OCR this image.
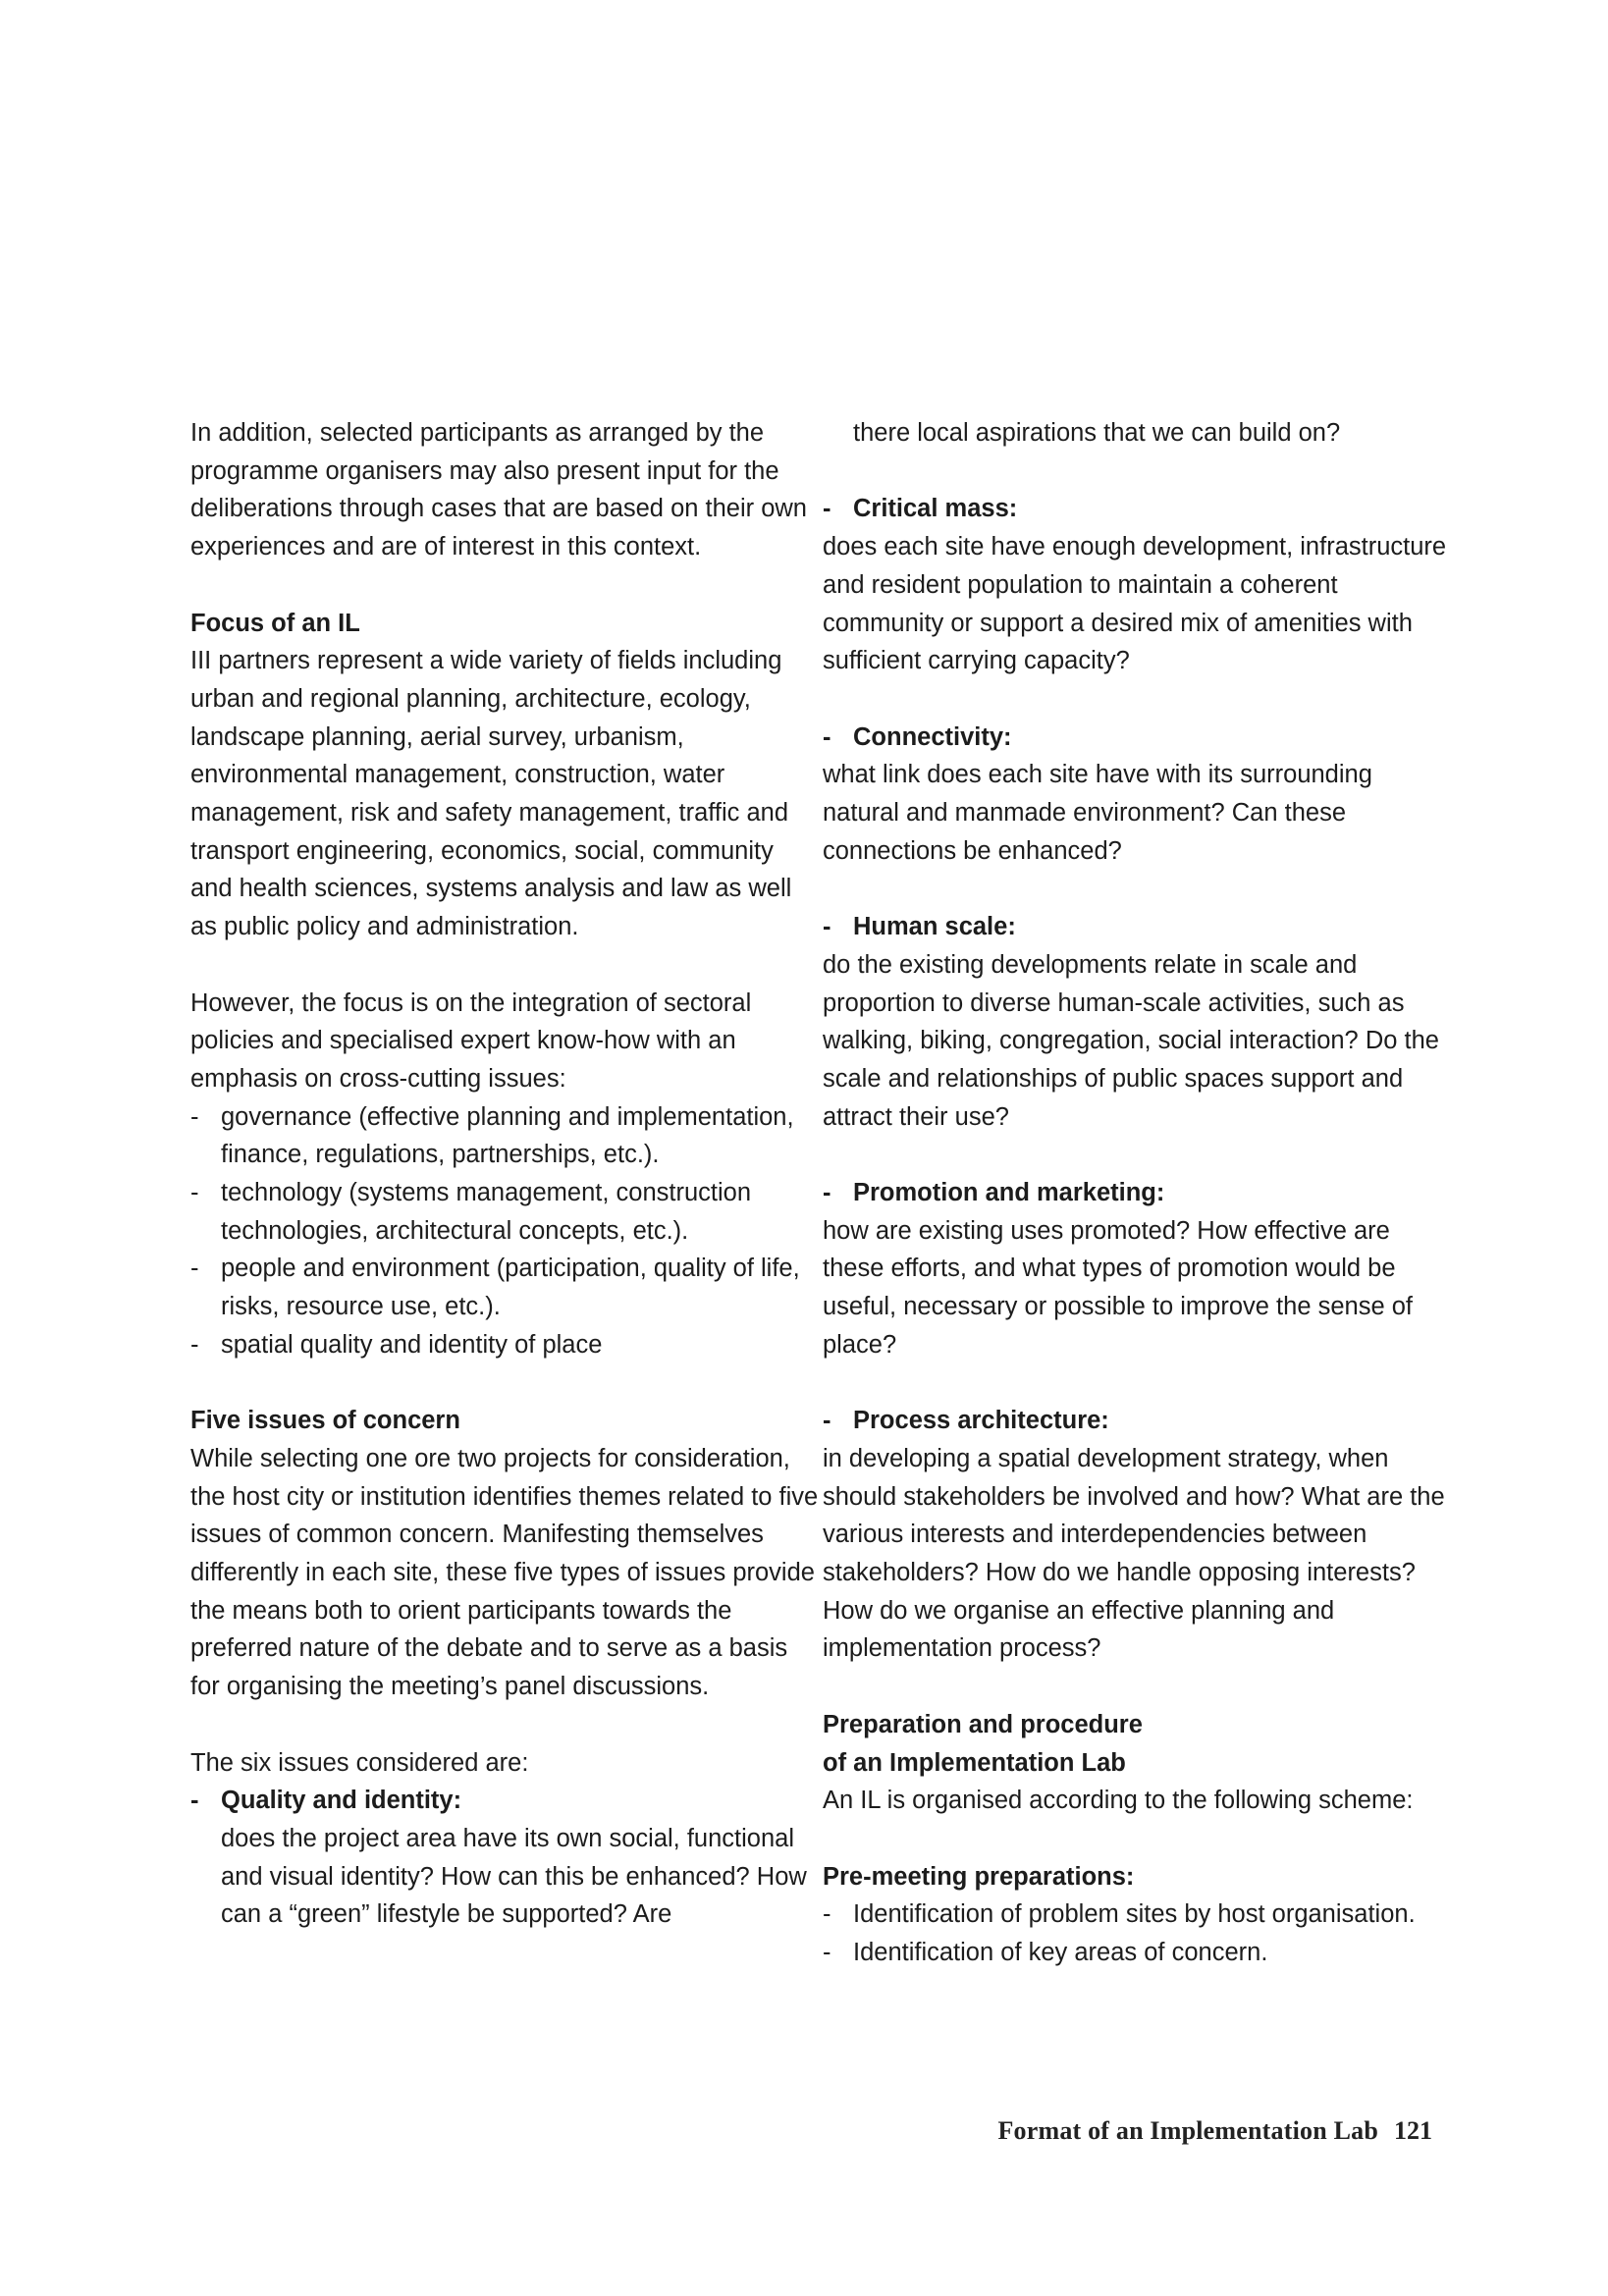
In addition, selected participants as arranged by the programme organisers may also present input for the deliberations through cases that are based on their own experiences and are of interest in this context.

Focus of an IL

III partners represent a wide variety of fields including urban and regional planning, architecture, ecology, landscape planning, aerial survey, urbanism, environmental management, construction, water management, risk and safety management, traffic and transport engineering, economics, social, community and health sciences, systems analysis and law as well as public policy and administration.

However, the focus is on the integration of sectoral policies and specialised expert know-how with an emphasis on cross-cutting issues:

- governance (effective planning and implementation, finance, regulations, partnerships, etc.).
- technology (systems management, construction technologies, architectural concepts, etc.).
- people and environment (participation, quality of life, risks, resource use, etc.).
- spatial quality and identity of place

Five issues of concern

While selecting one ore two projects for consideration, the host city or institution identifies themes related to five issues of common concern. Manifesting themselves differently in each site, these five types of issues provide the means both to orient participants towards the preferred nature of the debate and to serve as a basis for organising the meeting’s panel discussions.

The six issues considered are:

- Quality and identity:

does the project area have its own social, functional and visual identity? How can this be enhanced? How can a “green” lifestyle be supported? Are

there local aspirations that we can build on?

- Critical mass:

does each site have enough development, infrastructure and resident population to maintain a coherent community or support a desired mix of amenities with sufficient carrying capacity?

- Connectivity:

what link does each site have with its surrounding natural and manmade environment? Can these connections be enhanced?

- Human scale:

do the existing developments relate in scale and proportion to diverse human-scale activities, such as walking, biking, congregation, social interaction? Do the scale and relationships of public spaces support and attract their use?

- Promotion and marketing:

how are existing uses promoted? How effective are these efforts, and what types of promotion would be useful, necessary or possible to improve the sense of place?

- Process architecture:

in developing a spatial development strategy, when should stakeholders be involved and how? What are the various interests and interdependencies between stakeholders? How do we handle opposing interests? How do we organise an effective planning and implementation process?

Preparation and procedure

of an Implementation Lab

An IL is organised according to the following scheme:

Pre-meeting preparations:

- Identification of problem sites by host organisation.
- Identification of key areas of concern.
Format of an Implementation Lab 121
